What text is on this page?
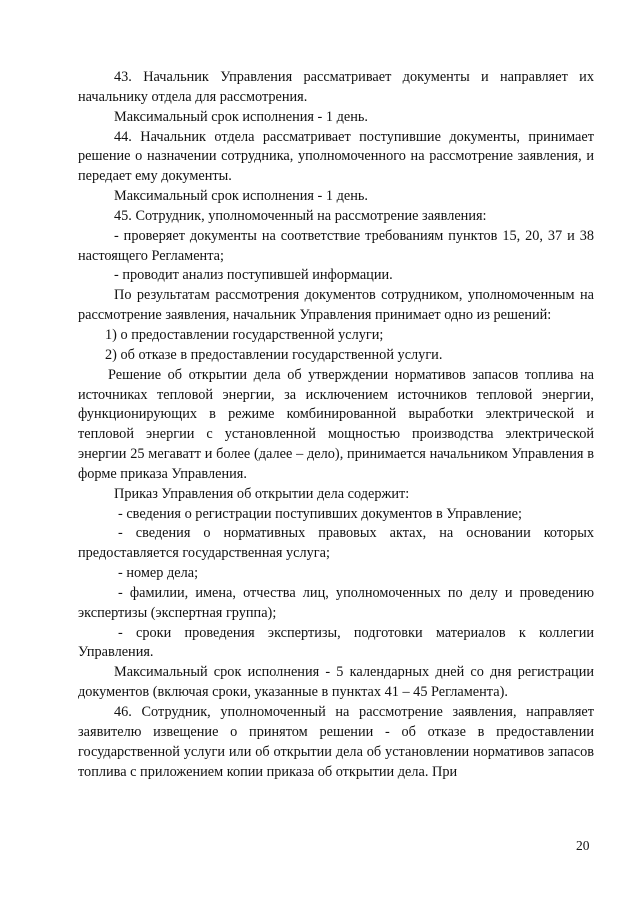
43. Начальник Управления рассматривает документы и направляет их начальнику отдела для рассмотрения.

Максимальный срок исполнения - 1 день.

44. Начальник отдела рассматривает поступившие документы, принимает решение о назначении сотрудника, уполномоченного на рассмотрение заявления, и передает ему документы.

Максимальный срок исполнения - 1 день.

45. Сотрудник, уполномоченный на рассмотрение заявления:

- проверяет документы на соответствие требованиям пунктов 15, 20, 37 и 38 настоящего Регламента;

- проводит анализ поступившей информации.

По результатам рассмотрения документов сотрудником, уполномоченным на рассмотрение заявления, начальник Управления принимает одно из решений:

1) о предоставлении государственной услуги;

2) об отказе в предоставлении государственной услуги.

Решение об открытии дела об утверждении нормативов запасов топлива на источниках тепловой энергии, за исключением источников тепловой энергии, функционирующих в режиме комбинированной выработки электрической и тепловой энергии с установленной мощностью производства электрической энергии 25 мегаватт и более (далее – дело), принимается начальником Управления в форме приказа Управления.

Приказ Управления об открытии дела содержит:

- сведения о регистрации поступивших документов в Управление;

- сведения о нормативных правовых актах, на основании которых предоставляется государственная услуга;

- номер дела;

- фамилии, имена, отчества лиц, уполномоченных по делу и проведению экспертизы (экспертная группа);

- сроки проведения экспертизы, подготовки материалов к коллегии Управления.

Максимальный срок исполнения - 5 календарных дней со дня регистрации документов (включая сроки, указанные в пунктах 41 – 45 Регламента).

46. Сотрудник, уполномоченный на рассмотрение заявления, направляет заявителю извещение о принятом решении - об отказе в предоставлении государственной услуги или об открытии дела об установлении нормативов запасов топлива с приложением копии приказа об открытии дела. При

20
